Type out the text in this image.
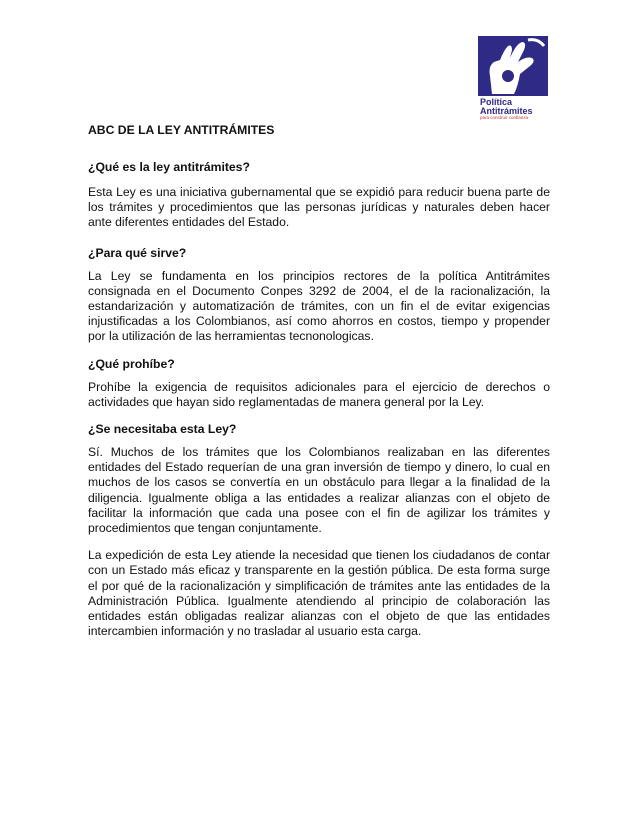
Política
Antitrámites
para construir confianza
ABC DE LA LEY ANTITRÁMITES
¿Qué es la ley antitrámites?
Esta Ley es una iniciativa gubernamental que se expidió para reducir buena parte de los trámites y procedimientos que las personas jurídicas y naturales deben hacer ante diferentes entidades del Estado.
¿Para qué sirve?
La Ley se fundamenta en los principios rectores de la política Antitrámites consignada en el Documento Conpes 3292 de 2004, el de la racionalización, la estandarización y automatización de trámites, con un fin el de evitar exigencias injustificadas a los Colombianos, así como ahorros en costos, tiempo y propender por la utilización de las herramientas tecnonologicas.
¿Qué prohíbe?
Prohíbe la exigencia de requisitos adicionales para el ejercicio de derechos o actividades que hayan sido reglamentadas de manera general por la Ley.
¿Se necesitaba esta Ley?
Sí. Muchos de los trámites que los Colombianos realizaban en las diferentes entidades del Estado requerían de una gran inversión de tiempo y dinero, lo cual en muchos de los casos se convertía en un obstáculo para llegar a la finalidad de la diligencia. Igualmente obliga a las entidades a realizar alianzas con el objeto de facilitar la información que cada una posee con el fin de agilizar los trámites y procedimientos que tengan conjuntamente.
La expedición de esta Ley atiende la necesidad que tienen los ciudadanos de contar con un Estado más eficaz y transparente en la gestión pública. De esta forma surge el por qué de la racionalización y simplificación de trámites ante las entidades de la Administración Pública. Igualmente atendiendo al principio de colaboración las entidades están obligadas realizar alianzas con el objeto de que las entidades intercambien información y no trasladar al usuario esta carga.
